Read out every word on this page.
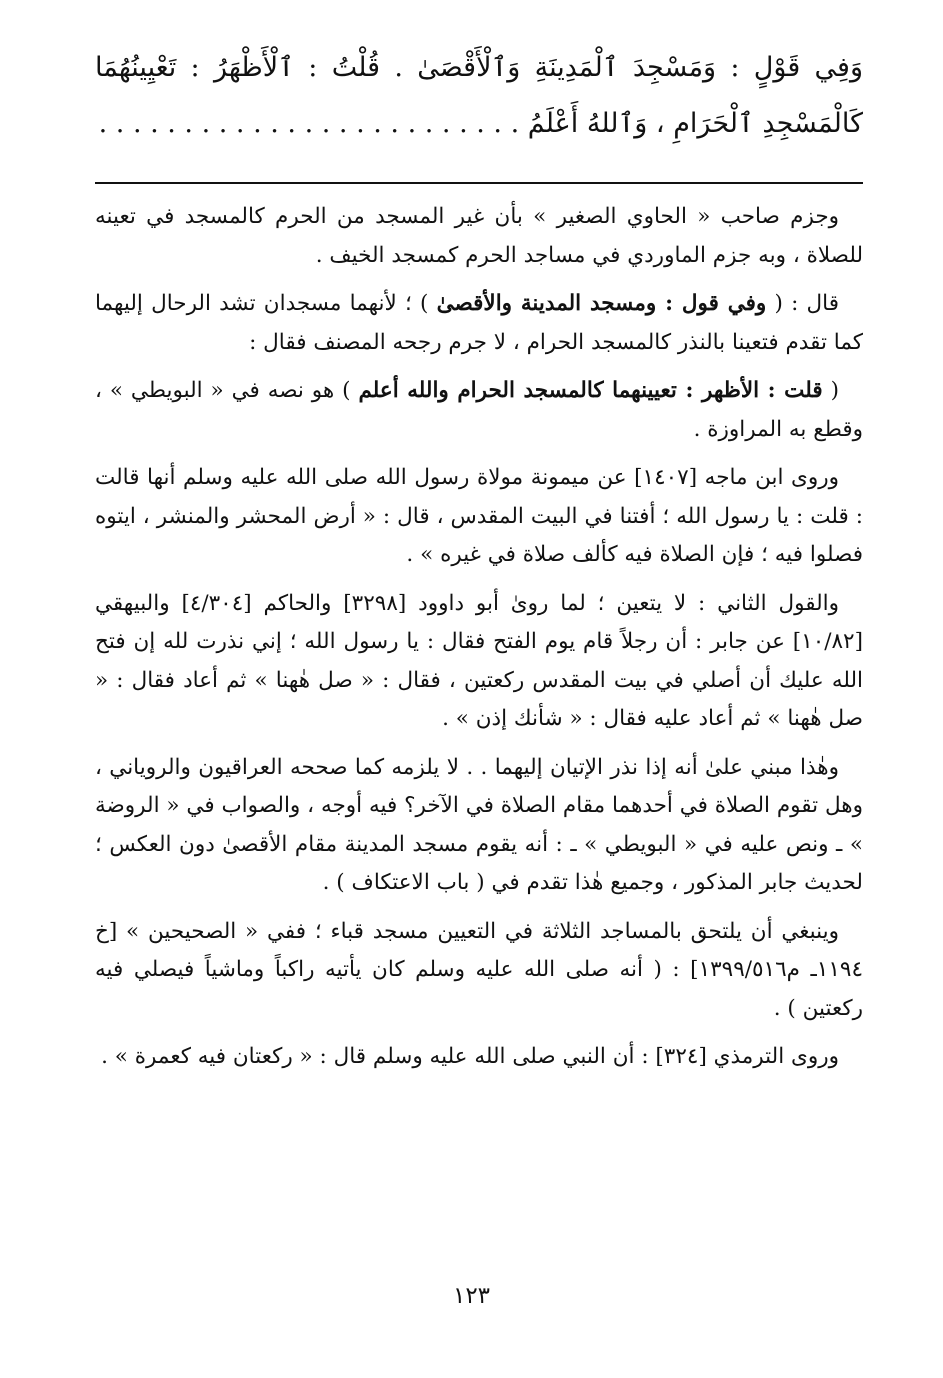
وَفِي قَوْلٍ : وَمَسْجِدَ ٱلْمَدِينَةِ وَٱلْأَقْصَىٰ . قُلْتُ : ٱلْأَظْهَرُ : تَعْيِينُهُمَا كَالْمَسْجِدِ ٱلْحَرَامِ ، وَٱللهُ أَعْلَمُ . . . . . . . . . . . . . . . . . . . . . . . . .

وجزم صاحب « الحاوي الصغير » بأن غير المسجد من الحرم كالمسجد في تعينه للصلاة ، وبه جزم الماوردي في مساجد الحرم كمسجد الخيف .

قال : ( وفي قول : ومسجد المدينة والأقصىٰ ) ؛ لأنهما مسجدان تشد الرحال إليهما كما تقدم فتعينا بالنذر كالمسجد الحرام ، لا جرم رجحه المصنف فقال :

( قلت : الأظهر : تعيينهما كالمسجد الحرام والله أعلم ) هو نصه في « البويطي » ، وقطع به المراوزة .

وروى ابن ماجه [١٤٠٧] عن ميمونة مولاة رسول الله صلى الله عليه وسلم أنها قالت : قلت : يا رسول الله ؛ أفتنا في البيت المقدس ، قال : « أرض المحشر والمنشر ، ايتوه فصلوا فيه ؛ فإن الصلاة فيه كألف صلاة في غيره » .

والقول الثاني : لا يتعين ؛ لما روىٰ أبو داوود [٣٢٩٨] والحاكم [٤/٣٠٤] والبيهقي [١٠/٨٢] عن جابر : أن رجلاً قام يوم الفتح فقال : يا رسول الله ؛ إني نذرت لله إن فتح الله عليك أن أصلي في بيت المقدس ركعتين ، فقال : « صل هٰهنا » ثم أعاد فقال : « صل هٰهنا » ثم أعاد عليه فقال : « شأنك إذن » .

وهٰذا مبني علىٰ أنه إذا نذر الإتيان إليهما . . لا يلزمه كما صححه العراقيون والروياني ، وهل تقوم الصلاة في أحدهما مقام الصلاة في الآخر؟ فيه أوجه ، والصواب في « الروضة » ـ ونص عليه في « البويطي » ـ : أنه يقوم مسجد المدينة مقام الأقصىٰ دون العكس ؛ لحديث جابر المذكور ، وجميع هٰذا تقدم في ( باب الاعتكاف ) .

وينبغي أن يلتحق بالمساجد الثلاثة في التعيين مسجد قباء ؛ ففي « الصحيحين » [خ ١١٩٤ـ م١٣٩٩/٥١٦] : ( أنه صلى الله عليه وسلم كان يأتيه راكباً وماشياً فيصلي فيه ركعتين ) .

وروى الترمذي [٣٢٤] : أن النبي صلى الله عليه وسلم قال : « ركعتان فيه كعمرة » .

١٢٣
